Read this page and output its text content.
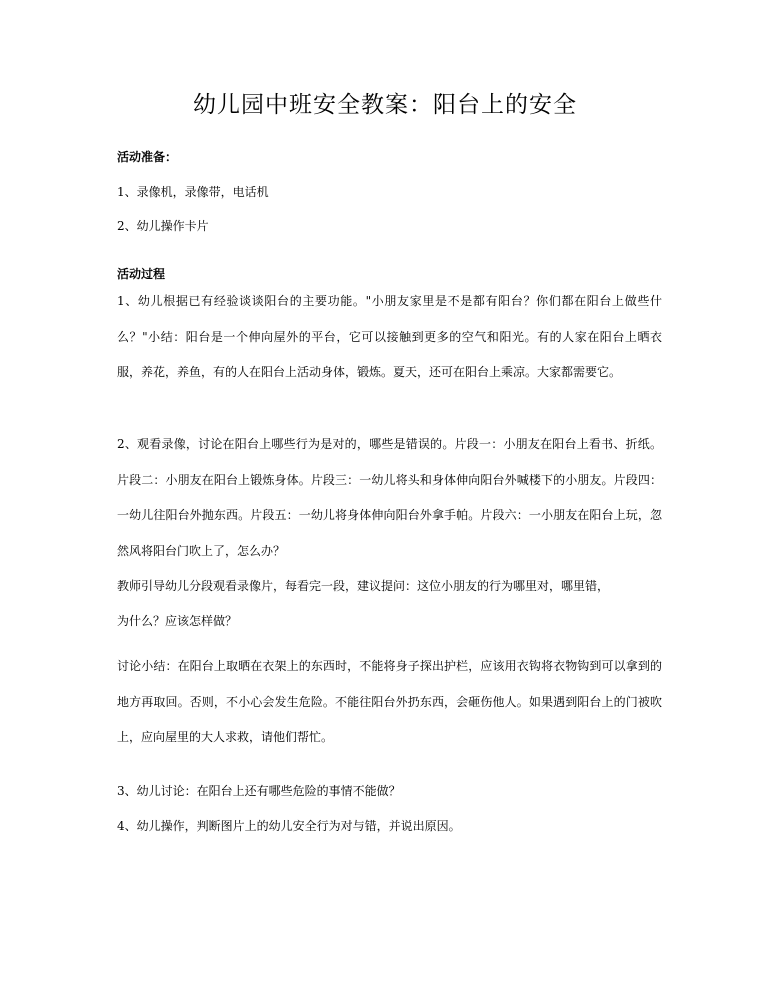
幼儿园中班安全教案：阳台上的安全
活动准备：
1、录像机，录像带，电话机
2、幼儿操作卡片
活动过程
1、幼儿根据已有经验谈谈阳台的主要功能。"小朋友家里是不是都有阳台？你们都在阳台上做些什么？"小结：阳台是一个伸向屋外的平台，它可以接触到更多的空气和阳光。有的人家在阳台上晒衣服，养花，养鱼，有的人在阳台上活动身体，锻炼。夏天，还可在阳台上乘凉。大家都需要它。
2、观看录像，讨论在阳台上哪些行为是对的，哪些是错误的。片段一：小朋友在阳台上看书、折纸。片段二：小朋友在阳台上锻炼身体。片段三：一幼儿将头和身体伸向阳台外喊楼下的小朋友。片段四：一幼儿往阳台外抛东西。片段五：一幼儿将身体伸向阳台外拿手帕。片段六：一小朋友在阳台上玩，忽然风将阳台门吹上了，怎么办？
教师引导幼儿分段观看录像片，每看完一段，建议提问：这位小朋友的行为哪里对，哪里错，
为什么？应该怎样做？
讨论小结：在阳台上取晒在衣架上的东西时，不能将身子探出护栏，应该用衣钩将衣物钩到可以拿到的地方再取回。否则，不小心会发生危险。不能往阳台外扔东西，会砸伤他人。如果遇到阳台上的门被吹上，应向屋里的大人求救，请他们帮忙。
3、幼儿讨论：在阳台上还有哪些危险的事情不能做？
4、幼儿操作，判断图片上的幼儿安全行为对与错，并说出原因。
